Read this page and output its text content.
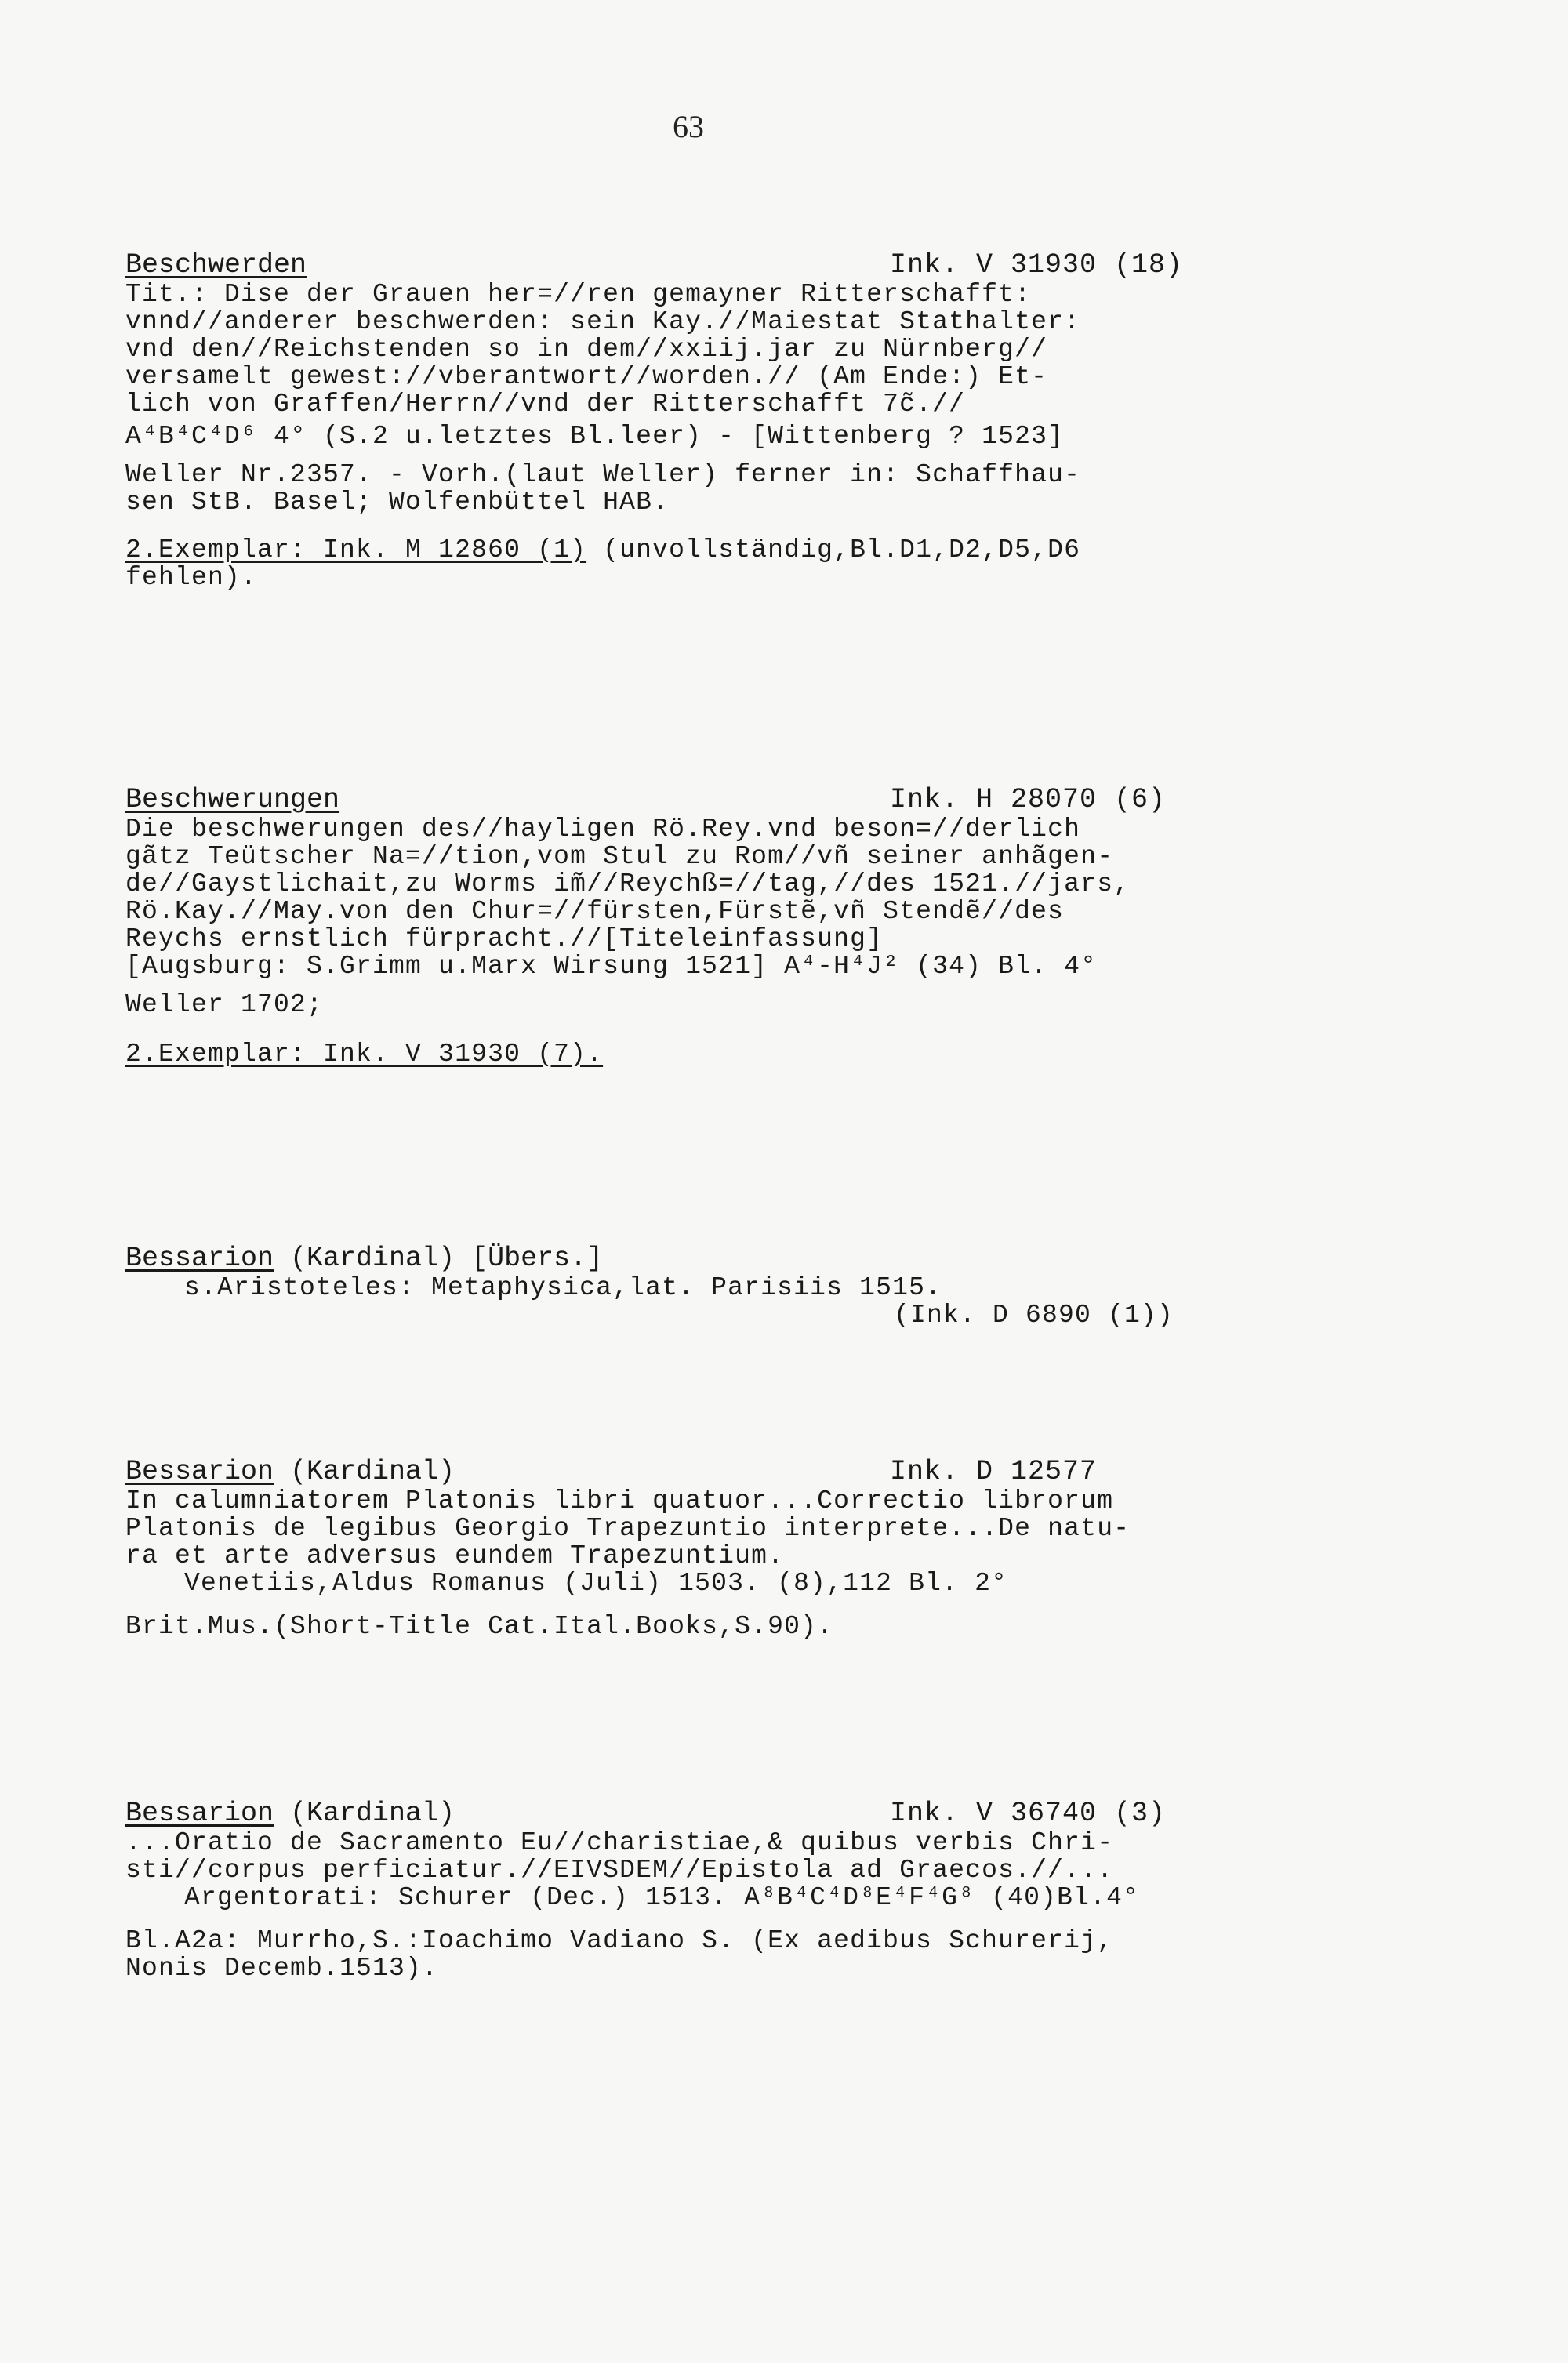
63
Beschwerden	Ink. V 31930 (18)
Tit.: Dise der Grauen her=//ren gemayner Ritterschafft:
vnnd//anderer beschwerden: sein Kay.//Maiestat Stathalter:
vnd den//Reichstenden so in dem//xxiij.jar zu Nürnberg//
versamelt gewest://vberantwort//worden.// (Am Ende:) Et-
lich von Graffen/Herrn//vnd der Ritterschafft 7c̃.//
A⁴B⁴C⁴D⁶ 4° (S.2 u.letztes Bl.leer) - [Wittenberg ? 1523]
Weller Nr.2357. - Vorh.(laut Weller) ferner in: Schaffhau-
sen StB. Basel; Wolfenbüttel HAB.
2.Exemplar: Ink. M 12860 (1) (unvollständig,Bl.D1,D2,D5,D6
fehlen).
Beschwerungen	Ink. H 28070 (6)
Die beschwerungen des//hayligen Rö.Rey.vnd beson=//derlich
gãtz Teütscher Na=//tion,vom Stul zu Rom//vñ seiner anhãgen-
de//Gaystlichait,zu Worms im̃//Reychß=//tag,//des 1521.//jars,
Rö.Kay.//May.von den Chur=//fürsten,Fürstẽ,vñ Stendẽ//des
Reychs ernstlich fürpracht.//[Titeleinfassung]
[Augsburg: S.Grimm u.Marx Wirsung 1521] A⁴-H⁴J² (34) Bl. 4°
Weller 1702;
2.Exemplar: Ink. V 31930 (7).
Bessarion (Kardinal) [Übers.]
s.Aristoteles: Metaphysica,lat. Parisiis 1515.
(Ink. D 6890 (1))
Bessarion (Kardinal)	Ink. D 12577
In calumniatorem Platonis libri quatuor...Correctio librorum
Platonis de legibus Georgio Trapezuntio interprete...De natu-
ra et arte adversus eundem Trapezuntium.
Venetiis,Aldus Romanus (Juli) 1503. (8),112 Bl. 2°
Brit.Mus.(Short-Title Cat.Ital.Books,S.90).
Bessarion (Kardinal)	Ink. V 36740 (3)
...Oratio de Sacramento Eu//charistiae,& quibus verbis Chri-
sti//corpus perficiatur.//EIVSDEM//Epistola ad Graecos.//...
Argentorati: Schurer (Dec.) 1513. A⁸B⁴C⁴D⁸E⁴F⁴G⁸ (40)Bl.4°
Bl.A2a: Murrho,S.:Ioachimo Vadiano S. (Ex aedibus Schurerij,
Nonis Decemb.1513).
